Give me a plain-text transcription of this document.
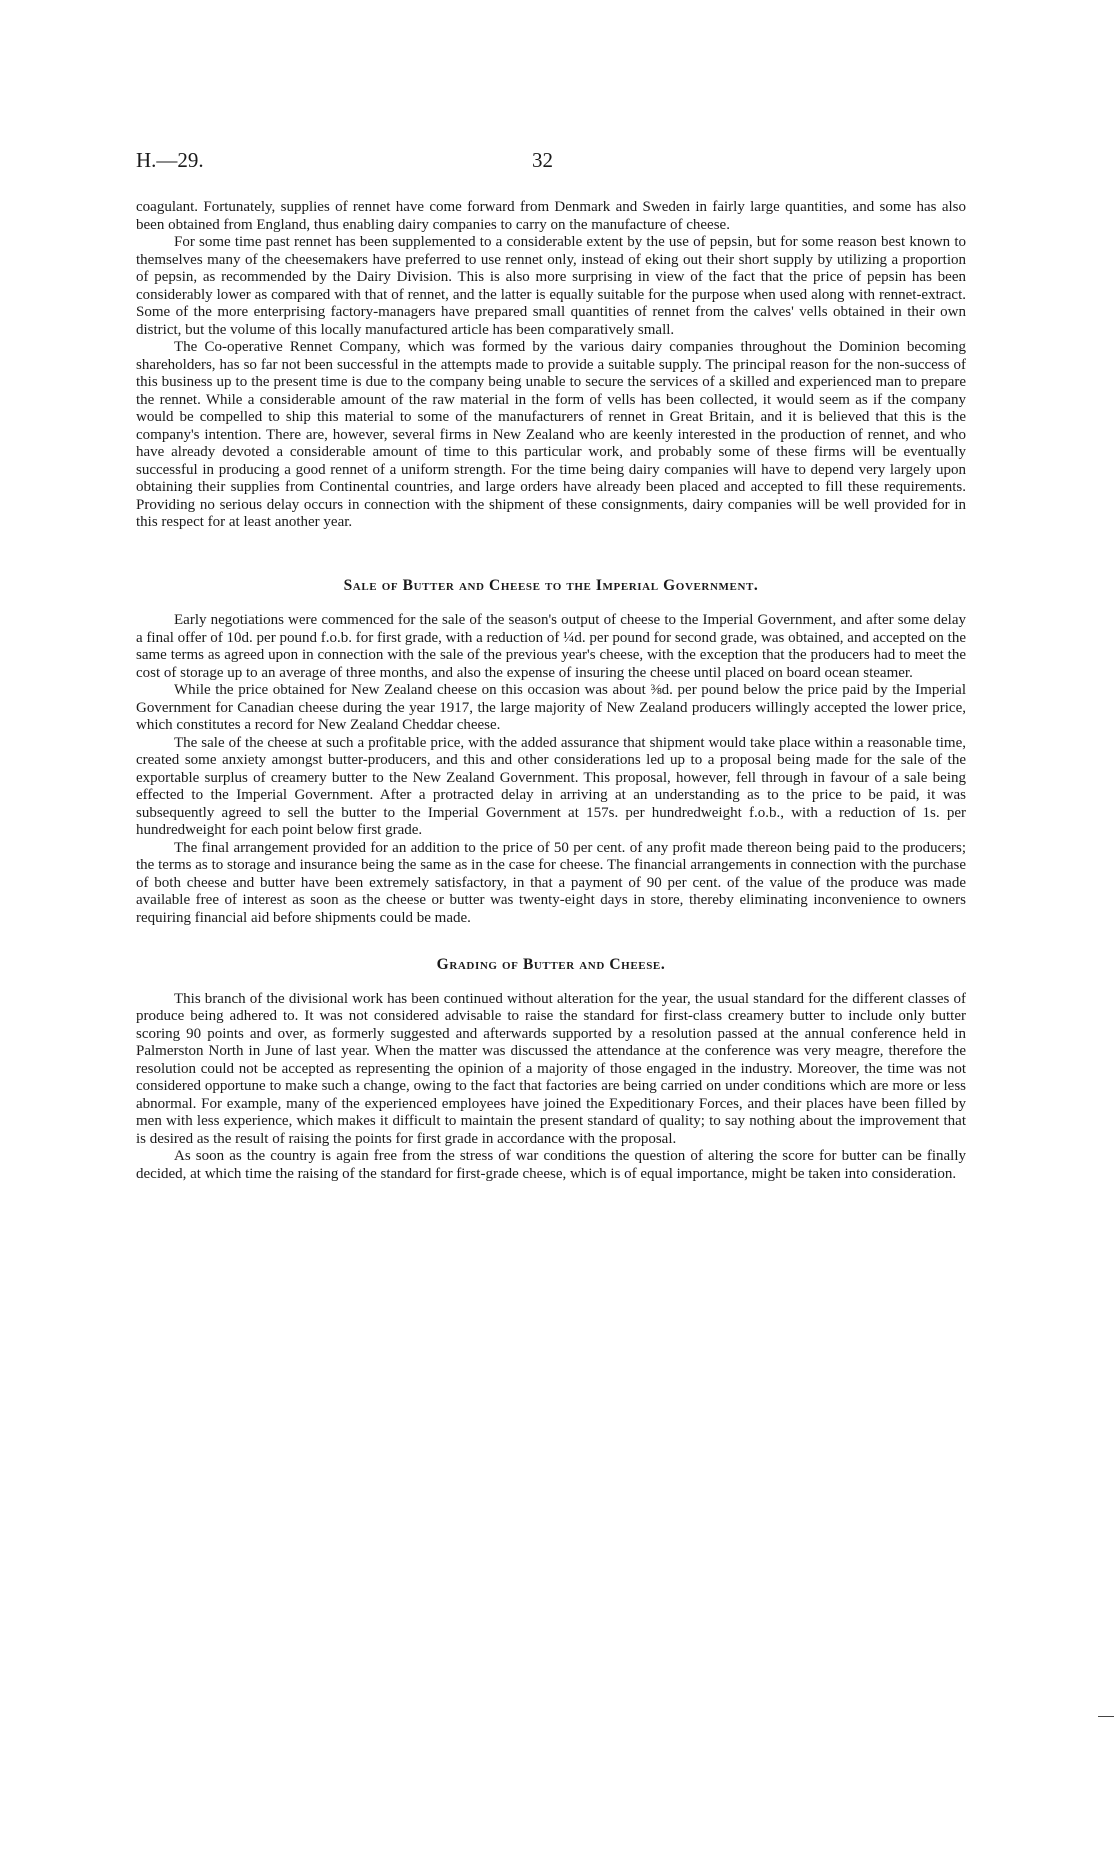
H.—29.	32

coagulant. Fortunately, supplies of rennet have come forward from Denmark and Sweden in fairly large quantities, and some has also been obtained from England, thus enabling dairy companies to carry on the manufacture of cheese.

For some time past rennet has been supplemented to a considerable extent by the use of pepsin, but for some reason best known to themselves many of the cheesemakers have preferred to use rennet only, instead of eking out their short supply by utilizing a proportion of pepsin, as recommended by the Dairy Division. This is also more surprising in view of the fact that the price of pepsin has been considerably lower as compared with that of rennet, and the latter is equally suitable for the purpose when used along with rennet-extract. Some of the more enterprising factory-managers have prepared small quantities of rennet from the calves' vells obtained in their own district, but the volume of this locally manufactured article has been comparatively small.

The Co-operative Rennet Company, which was formed by the various dairy companies throughout the Dominion becoming shareholders, has so far not been successful in the attempts made to provide a suitable supply. The principal reason for the non-success of this business up to the present time is due to the company being unable to secure the services of a skilled and experienced man to prepare the rennet. While a considerable amount of the raw material in the form of vells has been collected, it would seem as if the company would be compelled to ship this material to some of the manufacturers of rennet in Great Britain, and it is believed that this is the company's intention. There are, however, several firms in New Zealand who are keenly interested in the production of rennet, and who have already devoted a considerable amount of time to this particular work, and probably some of these firms will be eventually successful in producing a good rennet of a uniform strength. For the time being dairy companies will have to depend very largely upon obtaining their supplies from Continental countries, and large orders have already been placed and accepted to fill these requirements. Providing no serious delay occurs in connection with the shipment of these consignments, dairy companies will be well provided for in this respect for at least another year.

Sale of Butter and Cheese to the Imperial Government.

Early negotiations were commenced for the sale of the season's output of cheese to the Imperial Government, and after some delay a final offer of 10d. per pound f.o.b. for first grade, with a reduction of ¼d. per pound for second grade, was obtained, and accepted on the same terms as agreed upon in connection with the sale of the previous year's cheese, with the exception that the producers had to meet the cost of storage up to an average of three months, and also the expense of insuring the cheese until placed on board ocean steamer.

While the price obtained for New Zealand cheese on this occasion was about ⅜d. per pound below the price paid by the Imperial Government for Canadian cheese during the year 1917, the large majority of New Zealand producers willingly accepted the lower price, which constitutes a record for New Zealand Cheddar cheese.

The sale of the cheese at such a profitable price, with the added assurance that shipment would take place within a reasonable time, created some anxiety amongst butter-producers, and this and other considerations led up to a proposal being made for the sale of the exportable surplus of creamery butter to the New Zealand Government. This proposal, however, fell through in favour of a sale being effected to the Imperial Government. After a protracted delay in arriving at an understanding as to the price to be paid, it was subsequently agreed to sell the butter to the Imperial Government at 157s. per hundredweight f.o.b., with a reduction of 1s. per hundredweight for each point below first grade.

The final arrangement provided for an addition to the price of 50 per cent. of any profit made thereon being paid to the producers; the terms as to storage and insurance being the same as in the case for cheese. The financial arrangements in connection with the purchase of both cheese and butter have been extremely satisfactory, in that a payment of 90 per cent. of the value of the produce was made available free of interest as soon as the cheese or butter was twenty-eight days in store, thereby eliminating inconvenience to owners requiring financial aid before shipments could be made.

Grading of Butter and Cheese.

This branch of the divisional work has been continued without alteration for the year, the usual standard for the different classes of produce being adhered to. It was not considered advisable to raise the standard for first-class creamery butter to include only butter scoring 90 points and over, as formerly suggested and afterwards supported by a resolution passed at the annual conference held in Palmerston North in June of last year. When the matter was discussed the attendance at the conference was very meagre, therefore the resolution could not be accepted as representing the opinion of a majority of those engaged in the industry. Moreover, the time was not considered opportune to make such a change, owing to the fact that factories are being carried on under conditions which are more or less abnormal. For example, many of the experienced employees have joined the Expeditionary Forces, and their places have been filled by men with less experience, which makes it difficult to maintain the present standard of quality; to say nothing about the improvement that is desired as the result of raising the points for first grade in accordance with the proposal.

As soon as the country is again free from the stress of war conditions the question of altering the score for butter can be finally decided, at which time the raising of the standard for first-grade cheese, which is of equal importance, might be taken into consideration.
